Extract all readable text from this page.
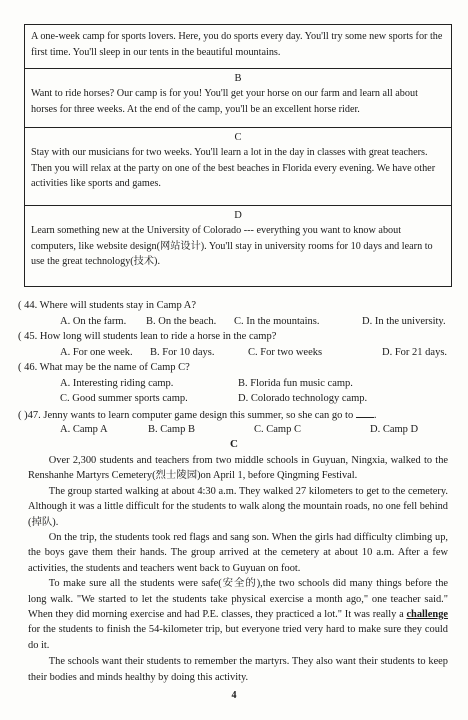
A one-week camp for sports lovers. Here, you do sports every day. You'll try some new sports for the first time. You'll sleep in our tents in the beautiful mountains.
B
Want to ride horses? Our camp is for you! You'll get your horse on our farm and learn all about horses for three weeks. At the end of the camp, you'll be an excellent horse rider.
C
Stay with our musicians for two weeks. You'll learn a lot in the day in classes with great teachers. Then you will relax at the party on one of the best beaches in Florida every evening. We have other activities like sports and games.
D
Learn something new at the University of Colorado --- everything you want to know about computers, like website design(网站设计). You'll stay in university rooms for 10 days and learn to use the great technology(技术).
( 44. Where will students stay in Camp A?
A. On the farm.	B. On the beach.	C. In the mountains.	D. In the university.
( 45. How long will students lean to ride a horse in the camp?
A. For one week.	B. For 10 days.	C. For two weeks	D. For 21 days.
( 46. What may be the name of Camp C?
A. Interesting riding camp.	B. Florida fun music camp.
C. Good summer sports camp.	D. Colorado technology camp.
( )47. Jenny wants to learn computer game design this summer, so she can go to .
A. Camp A	B. Camp B	C. Camp C	D. Camp D
C

Over 2,300 students and teachers from two middle schools in Guyuan, Ningxia, walked to the Renshanhe Martyrs Cemetery(烈士陵园)on April 1, before Qingming Festival.

The group started walking at about 4:30 a.m. They walked 27 kilometers to get to the cemetery. Although it was a little difficult for the students to walk along the mountain roads, no one fell behind (掉队).

On the trip, the students took red flags and sang son. When the girls had difficulty climbing up, the boys gave them their hands. The group arrived at the cemetery at about 10 a.m. After a few activities, the students and teachers went back to Guyuan on foot.

To make sure all the students were safe(安全的),the two schools did many things before the long walk. "We started to let the students take physical exercise a month ago," one teacher said." When they did morning exercise and had P.E. classes, they practiced a lot." It was really a challenge for the students to finish the 54-kilometer trip, but everyone tried very hard to make sure they could do it.

The schools want their students to remember the martyrs. They also want their students to keep their bodies and minds healthy by doing this activity.

4
